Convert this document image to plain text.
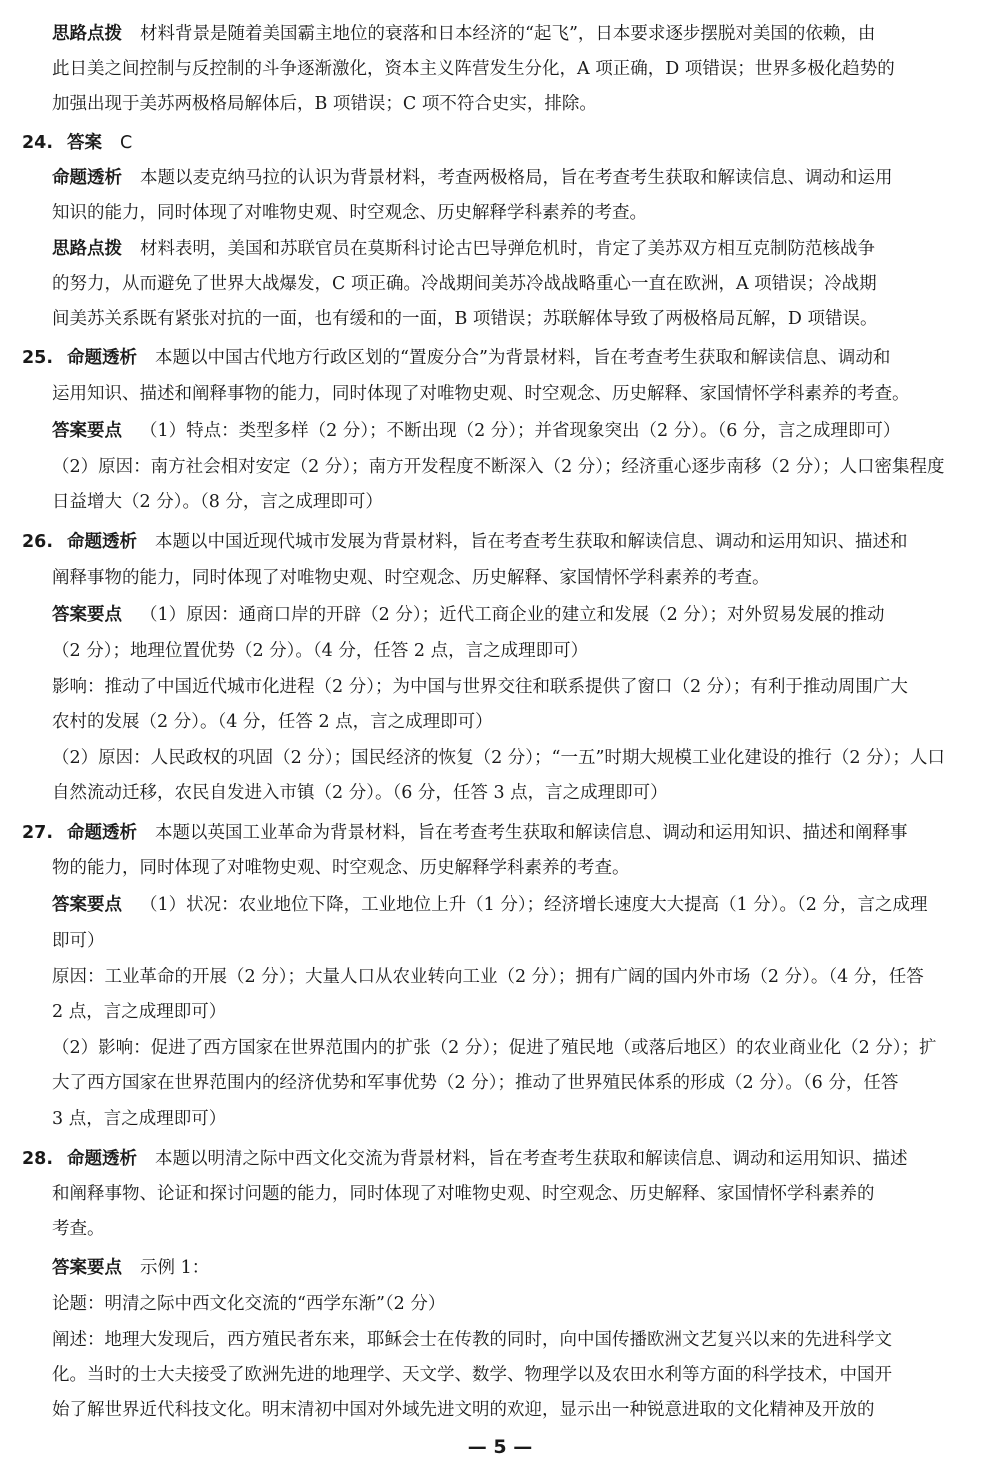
思路点拨 材料背景是随着美国霸主地位的衰落和日本经济的“起飞”，日本要求逐步摆脱对美国的依赖，由
此日美之间控制与反控制的斗争逐渐激化，资本主义阵营发生分化，A 项正确，D 项错误；世界多极化趋势的
加强出现于美苏两极格局解体后，B 项错误；C 项不符合史实，排除。
24. 答案 C
命题透析 本题以麦克纳马拉的认识为背景材料，考查两极格局，旨在考查考生获取和解读信息、调动和运用
知识的能力，同时体现了对唯物史观、时空观念、历史解释学科素养的考查。
思路点拨 材料表明，美国和苏联官员在莫斯科讨论古巴导弹危机时，肯定了美苏双方相互克制防范核战争
的努力，从而避免了世界大战爆发，C 项正确。冷战期间美苏冷战战略重心一直在欧洲，A 项错误；冷战期
间美苏关系既有紧张对抗的一面，也有缓和的一面，B 项错误；苏联解体导致了两极格局瓦解，D 项错误。
25. 命题透析 本题以中国古代地方行政区划的“置废分合”为背景材料，旨在考查考生获取和解读信息、调动和
运用知识、描述和阐释事物的能力，同时体现了对唯物史观、时空观念、历史解释、家国情怀学科素养的考查。
答案要点 （1）特点：类型多样（2 分）；不断出现（2 分）；并省现象突出（2 分）。（6 分，言之成理即可）
（2）原因：南方社会相对安定（2 分）；南方开发程度不断深入（2 分）；经济重心逐步南移（2 分）；人口密集程度
日益增大（2 分）。（8 分，言之成理即可）
26. 命题透析 本题以中国近现代城市发展为背景材料，旨在考查考生获取和解读信息、调动和运用知识、描述和
阐释事物的能力，同时体现了对唯物史观、时空观念、历史解释、家国情怀学科素养的考查。
答案要点 （1）原因：通商口岸的开辟（2 分）；近代工商企业的建立和发展（2 分）；对外贸易发展的推动
（2 分）；地理位置优势（2 分）。（4 分，任答 2 点，言之成理即可）
影响：推动了中国近代城市化进程（2 分）；为中国与世界交往和联系提供了窗口（2 分）；有利于推动周围广大
农村的发展（2 分）。（4 分，任答 2 点，言之成理即可）
（2）原因：人民政权的巩固（2 分）；国民经济的恢复（2 分）；“一五”时期大规模工业化建设的推行（2 分）；人口
自然流动迁移，农民自发进入市镇（2 分）。（6 分，任答 3 点，言之成理即可）
27. 命题透析 本题以英国工业革命为背景材料，旨在考查考生获取和解读信息、调动和运用知识、描述和阐释事
物的能力，同时体现了对唯物史观、时空观念、历史解释学科素养的考查。
答案要点 （1）状况：农业地位下降，工业地位上升（1 分）；经济增长速度大大提高（1 分）。（2 分，言之成理
即可）
原因：工业革命的开展（2 分）；大量人口从农业转向工业（2 分）；拥有广阔的国内外市场（2 分）。（4 分，任答
2 点，言之成理即可）
（2）影响：促进了西方国家在世界范围内的扩张（2 分）；促进了殖民地（或落后地区）的农业商业化（2 分）；扩
大了西方国家在世界范围内的经济优势和军事优势（2 分）；推动了世界殖民体系的形成（2 分）。（6 分，任答
3 点，言之成理即可）
28. 命题透析 本题以明清之际中西文化交流为背景材料，旨在考查考生获取和解读信息、调动和运用知识、描述
和阐释事物、论证和探讨问题的能力，同时体现了对唯物史观、时空观念、历史解释、家国情怀学科素养的
考查。
答案要点 示例 1：
论题：明清之际中西文化交流的“西学东渐”（2 分）
阐述：地理大发现后，西方殖民者东来，耶稣会士在传教的同时，向中国传播欧洲文艺复兴以来的先进科学文
化。当时的士大夫接受了欧洲先进的地理学、天文学、数学、物理学以及农田水利等方面的科学技术，中国开
始了解世界近代科技文化。明末清初中国对外域先进文明的欢迎，显示出一种锐意进取的文化精神及开放的
— 5 —
